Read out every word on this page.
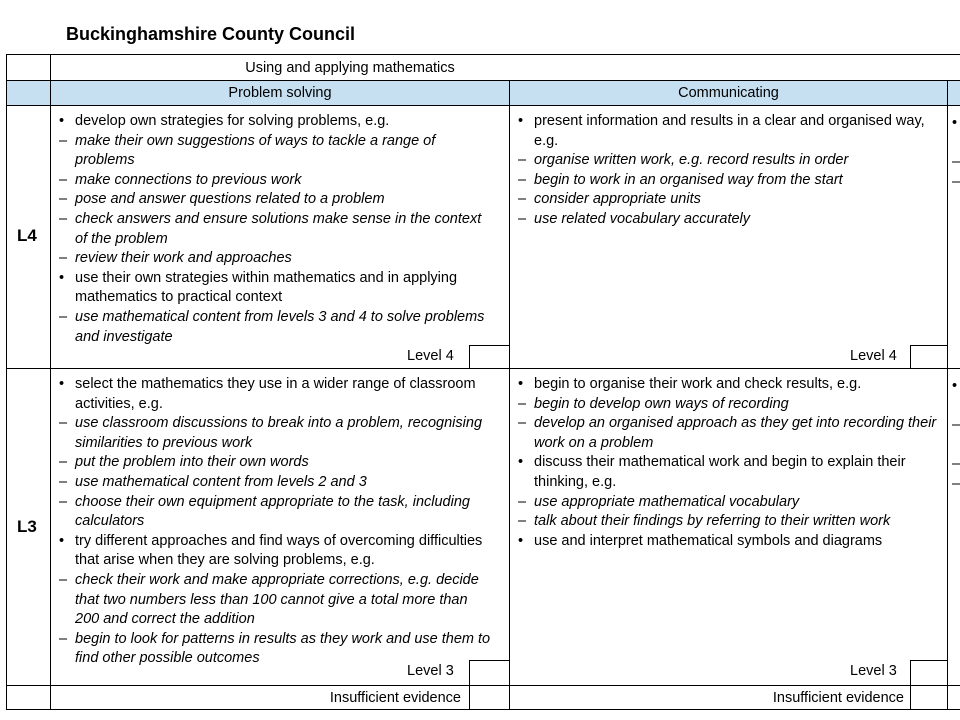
Buckinghamshire County Council
Using and applying mathematics
Problem solving	Communicating
L4
• develop own strategies for solving problems, e.g.
– make their own suggestions of ways to tackle a range of problems
– make connections to previous work
– pose and answer questions related to a problem
– check answers and ensure solutions make sense in the context of the problem
– review their work and approaches
• use their own strategies within mathematics and in applying mathematics to practical context
– use mathematical content from levels 3 and 4 to solve problems and investigate
Level 4
• present information and results in a clear and organised way, e.g.
– organise written work, e.g. record results in order
– begin to work in an organised way from the start
– consider appropriate units
– use related vocabulary accurately
Level 4
•
–
–
L3
• select the mathematics they use in a wider range of classroom activities, e.g.
– use classroom discussions to break into a problem, recognising similarities to previous work
– put the problem into their own words
– use mathematical content from levels 2 and 3
– choose their own equipment appropriate to the task, including calculators
• try different approaches and find ways of overcoming difficulties that arise when they are solving problems, e.g.
– check their work and make appropriate corrections, e.g. decide that two numbers less than 100 cannot give a total more than 200 and correct the addition
– begin to look for patterns in results as they work and use them to find other possible outcomes
Level 3
• begin to organise their work and check results, e.g.
– begin to develop own ways of recording
– develop an organised approach as they get into recording their work on a problem
• discuss their mathematical work and begin to explain their thinking, e.g.
– use appropriate mathematical vocabulary
– talk about their findings by referring to their written work
• use and interpret mathematical symbols and diagrams
Level 3
•
–
–
–
Insufficient evidence	Insufficient evidence
